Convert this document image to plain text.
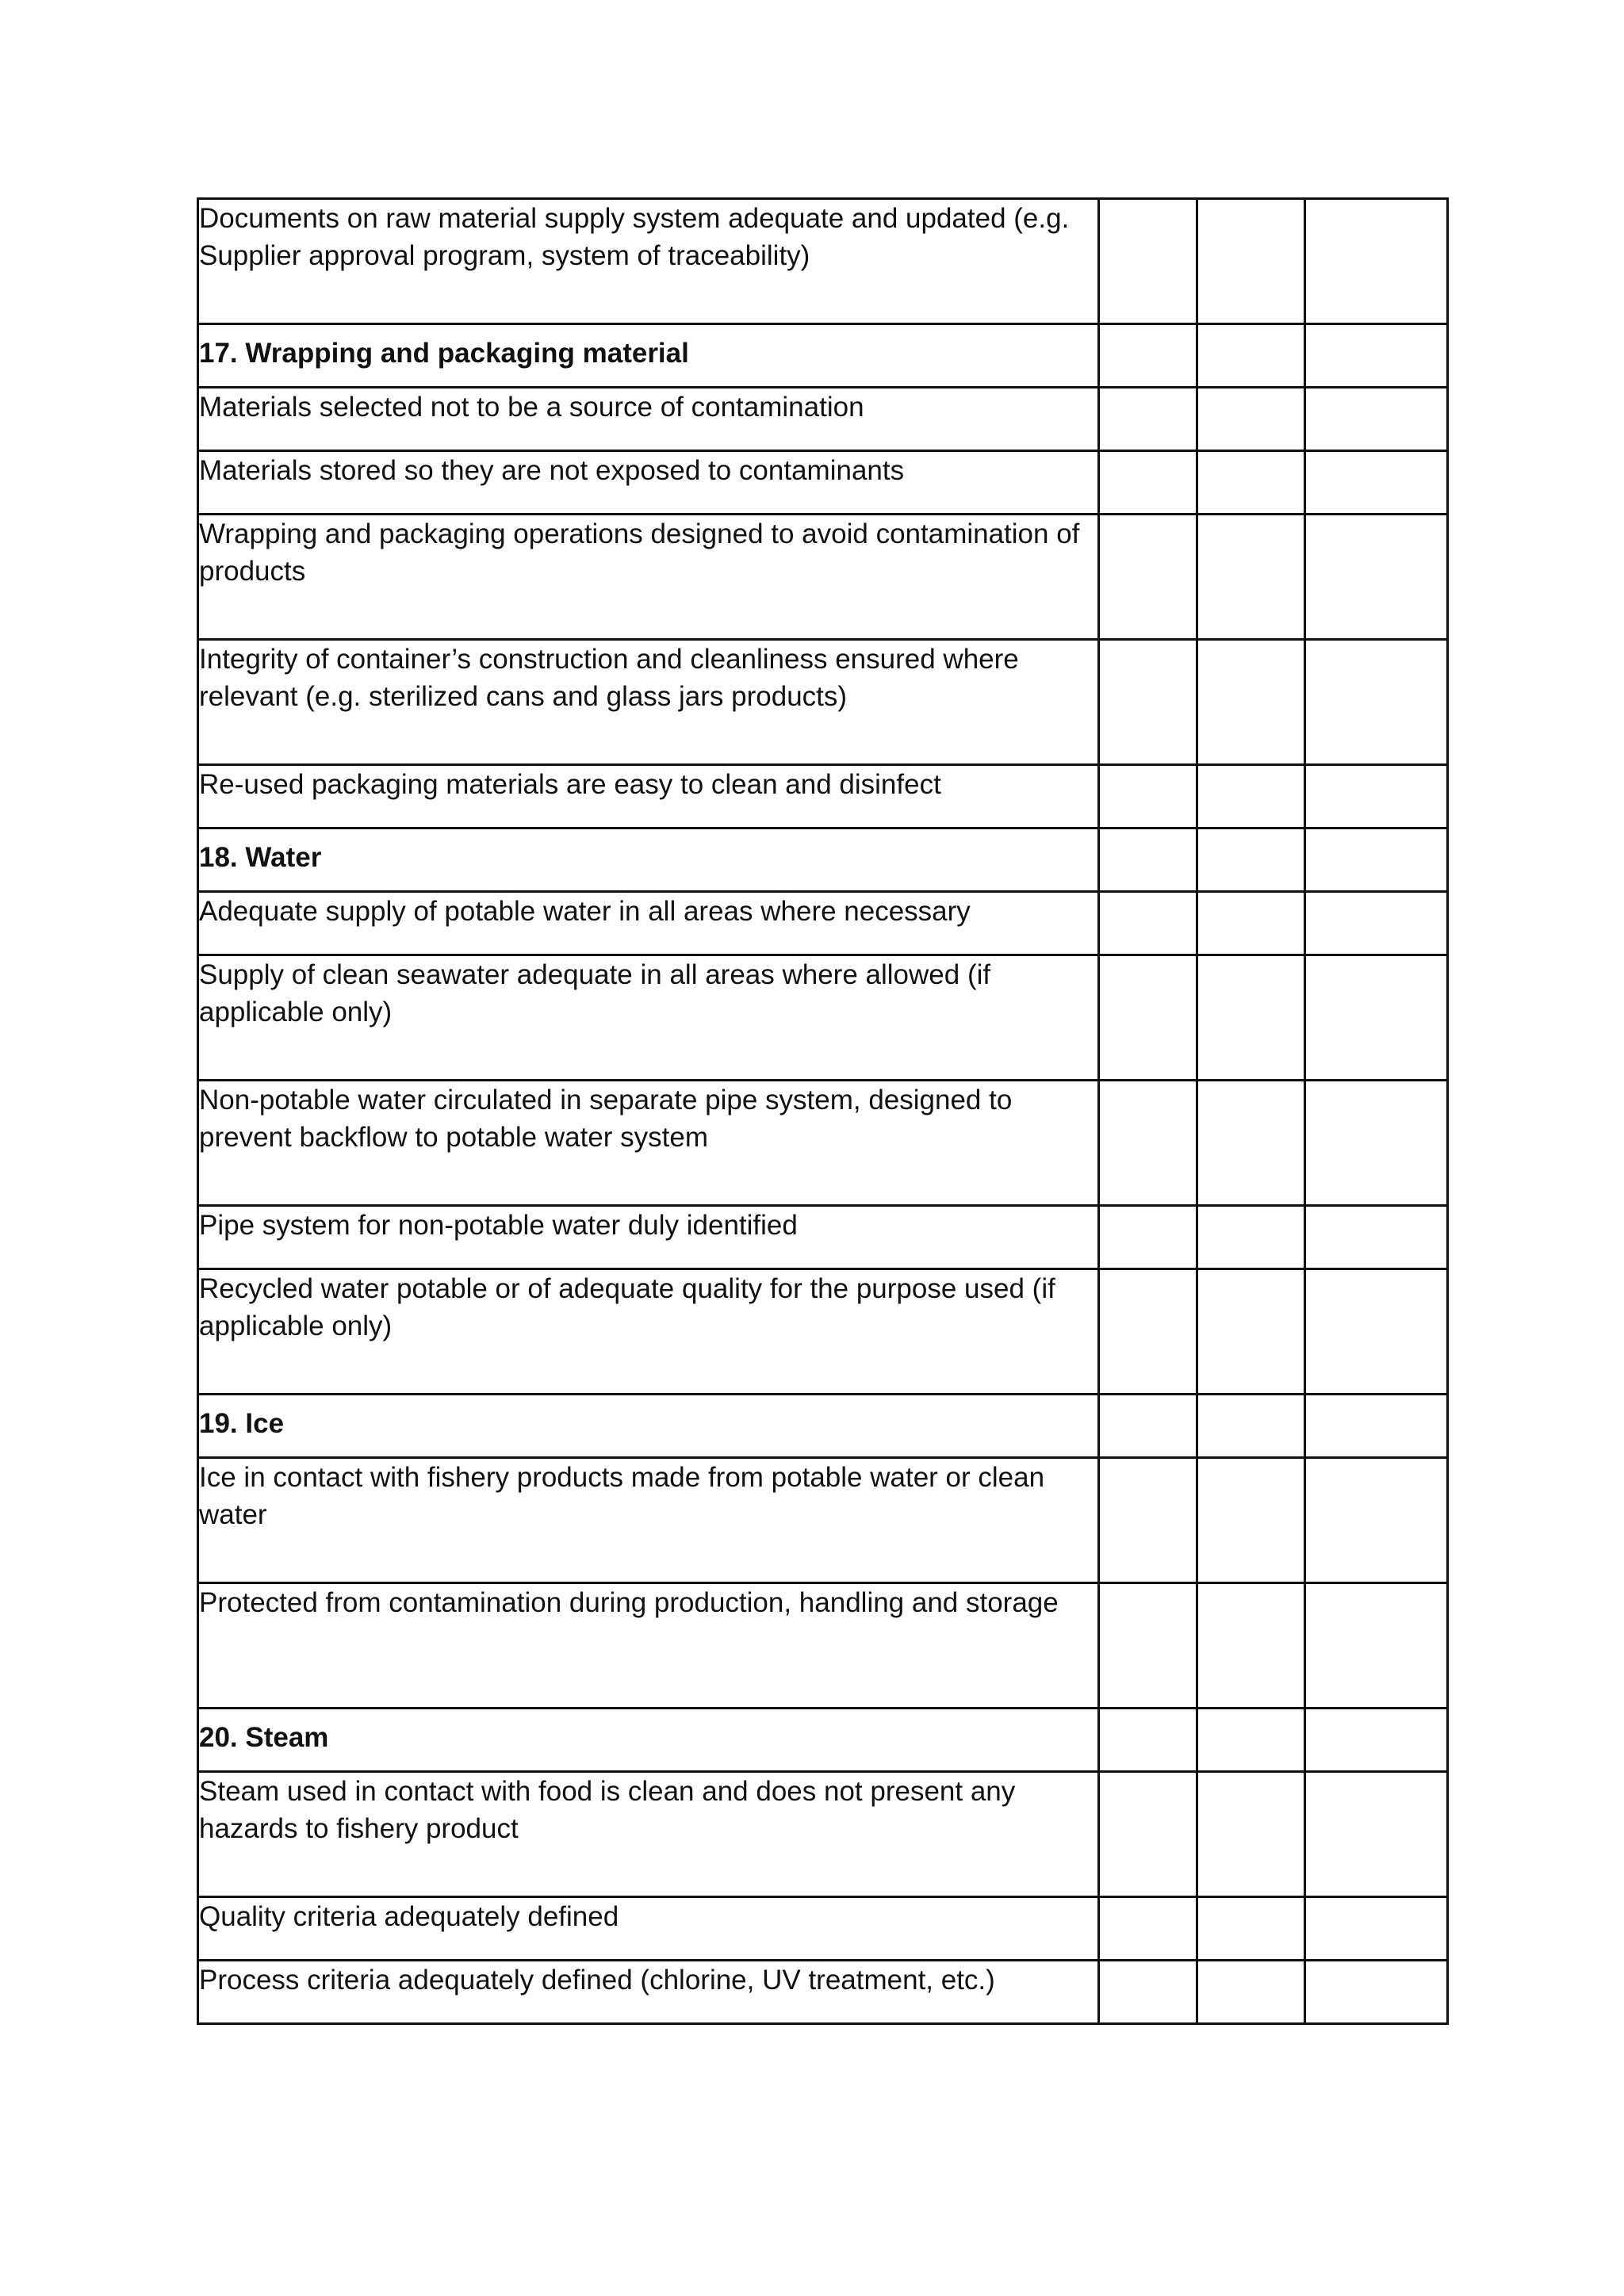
Documents on raw material supply system adequate and updated (e.g. Supplier approval program, system of traceability)			
17. Wrapping and packaging material			
Materials selected not to be a source of contamination			
Materials stored so they are not exposed to contaminants			
Wrapping and packaging operations designed to avoid contamination of products			
Integrity of container’s construction and cleanliness ensured where relevant (e.g. sterilized cans and glass jars products)			
Re-used packaging materials are easy to clean and disinfect			
18. Water			
Adequate supply of potable water in all areas where necessary			
Supply of clean seawater adequate in all areas where allowed (if applicable only)			
Non-potable water circulated in separate pipe system, designed to prevent backflow to potable water system			
Pipe system for non-potable water duly identified			
Recycled water potable or of adequate quality for the purpose used (if applicable only)			
19. Ice			
Ice in contact with fishery products made from potable water or clean water			
Protected from contamination during production, handling and storage			
20. Steam			
Steam used in contact with food is clean and does not present any hazards to fishery product			
Quality criteria adequately defined			
Process criteria adequately defined (chlorine, UV treatment, etc.)			
